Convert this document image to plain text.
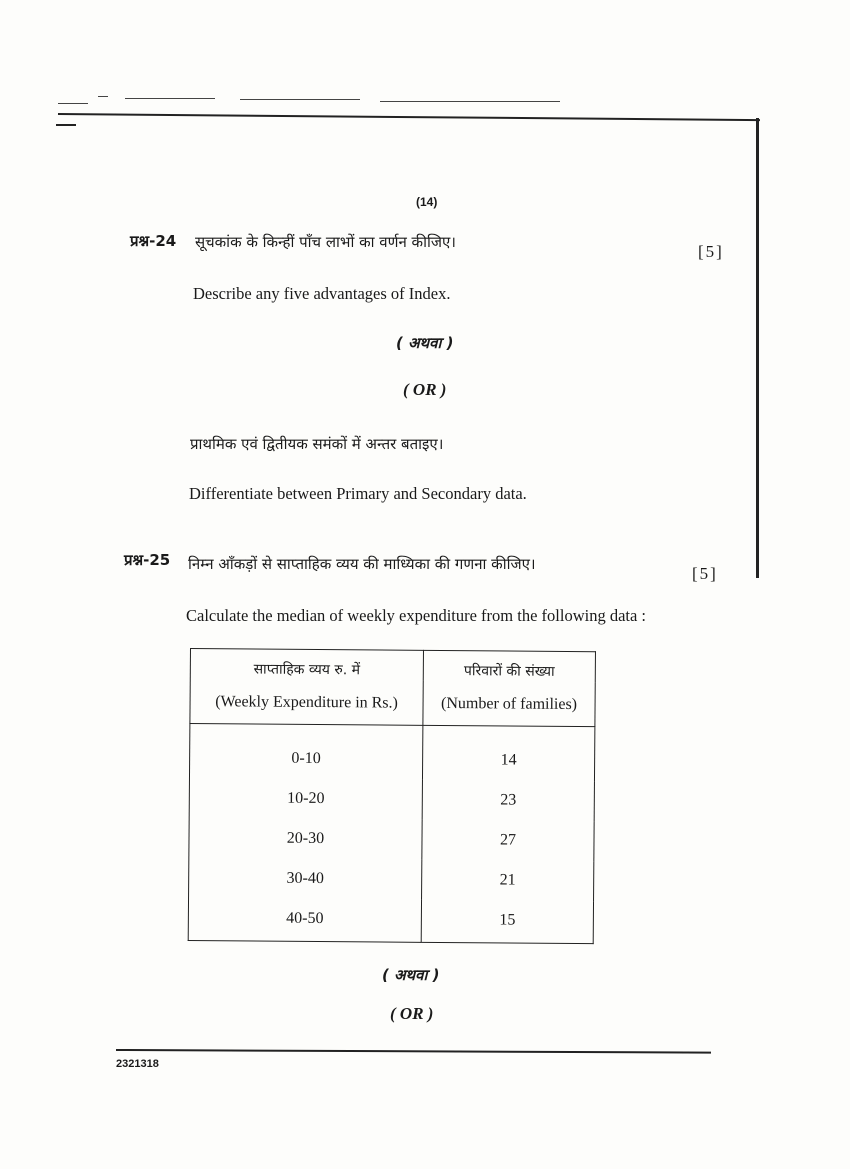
(14)
प्रश्न-24 सूचकांक के किन्हीं पाँच लाभों का वर्णन कीजिए।	[5]
Describe any five advantages of Index.
( अथवा )
( OR )
प्राथमिक एवं द्वितीयक समंकों में अन्तर बताइए।
Differentiate between Primary and Secondary data.
प्रश्न-25 निम्न आँकड़ों से साप्ताहिक व्यय की माध्यिका की गणना कीजिए।	[5]
Calculate the median of weekly expenditure from the following data :
साप्ताहिक व्यय रु. में	परिवारों की संख्या
(Weekly Expenditure in Rs.)	(Number of families)
0-10	14
10-20	23
20-30	27
30-40	21
40-50	15
( अथवा )
( OR )
2321318
